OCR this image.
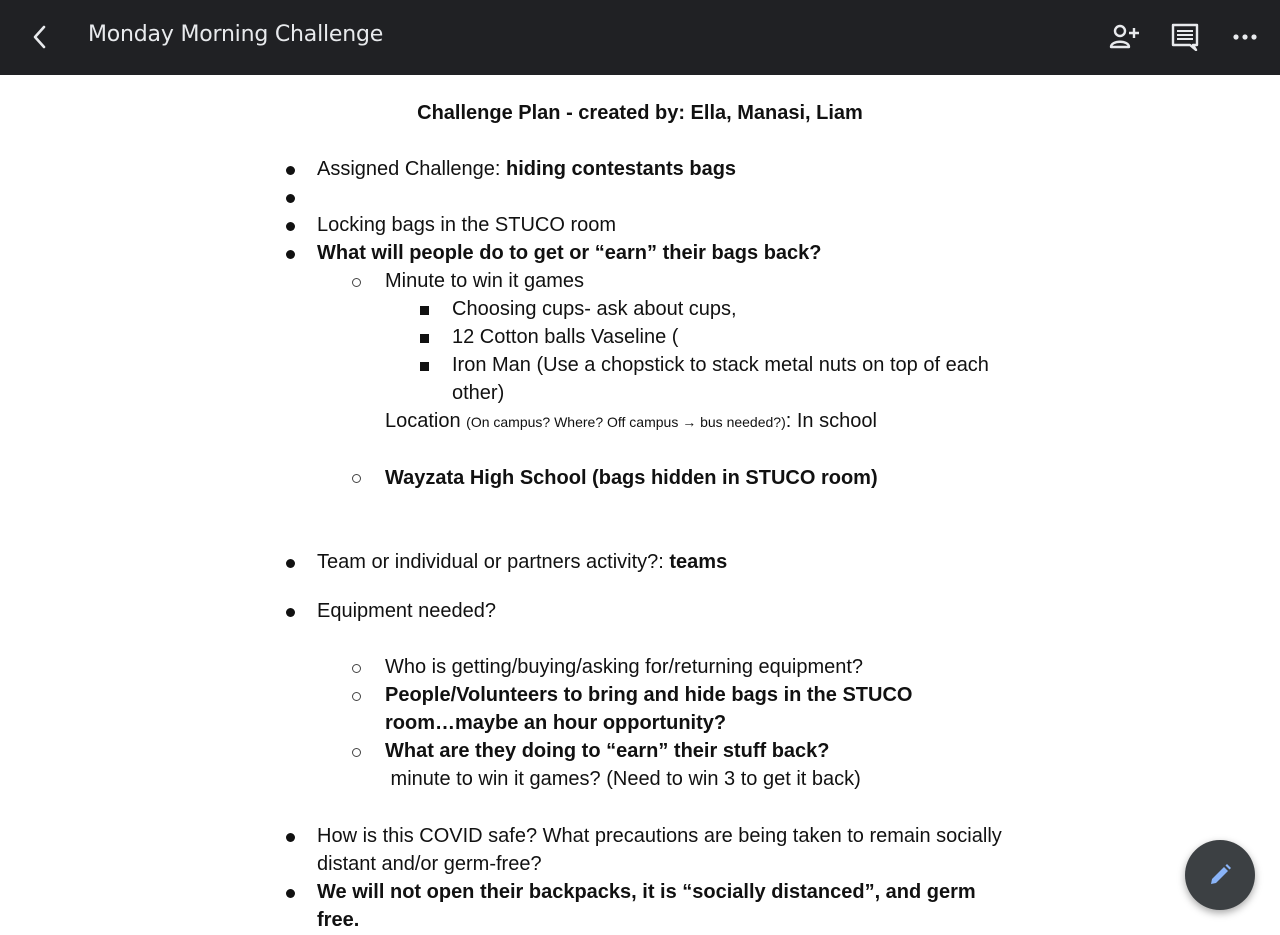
Monday Morning Challenge
Challenge Plan - created by: Ella, Manasi, Liam
Assigned Challenge: hiding contestants bags
Locking bags in the STUCO room
What will people do to get or “earn” their bags back?
Minute to win it games
Choosing cups- ask about cups,
12 Cotton balls Vaseline (
Iron Man (Use a chopstick to stack metal nuts on top of each
other)
Location (On campus? Where? Off campus → bus needed?): In school
Wayzata High School (bags hidden in STUCO room)
Team or individual or partners activity?: teams
Equipment needed?
Who is getting/buying/asking for/returning equipment?
People/Volunteers to bring and hide bags in the STUCO
room…maybe an hour opportunity?
What are they doing to “earn” their stuff back?
minute to win it games? (Need to win 3 to get it back)
How is this COVID safe? What precautions are being taken to remain socially
distant and/or germ-free?
We will not open their backpacks, it is “socially distanced”, and germ
free.
